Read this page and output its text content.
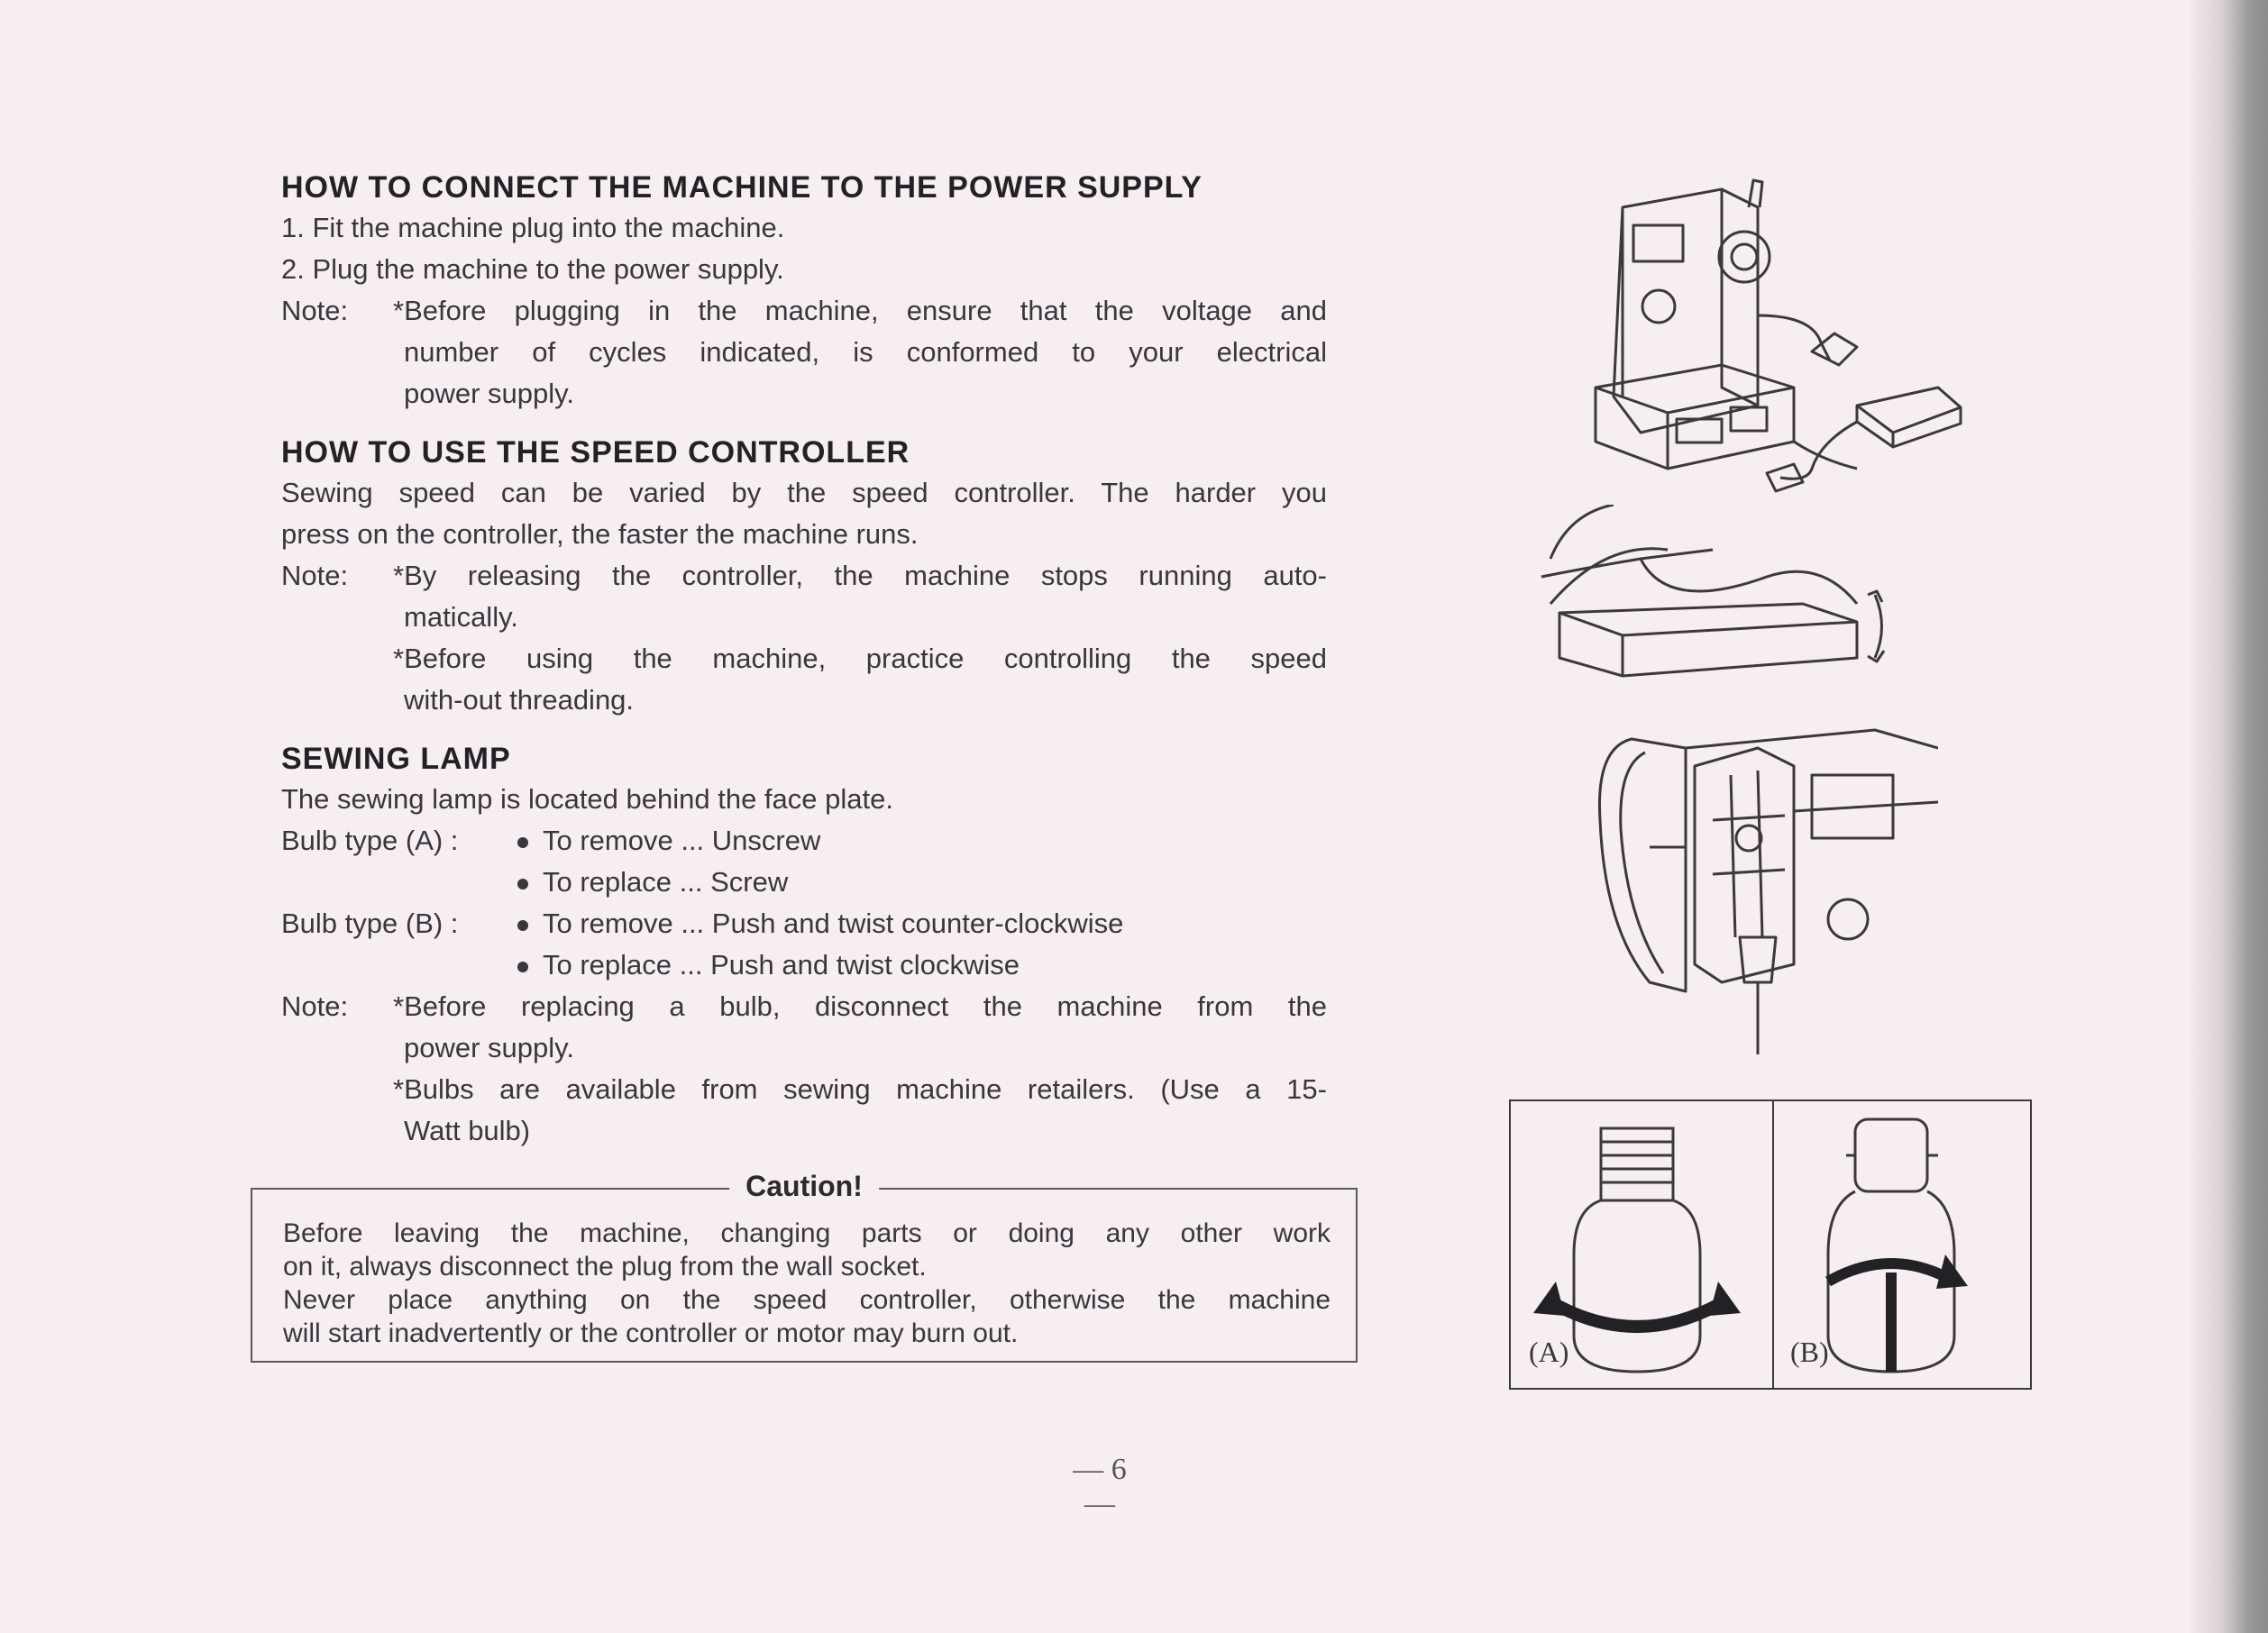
HOW TO CONNECT THE MACHINE TO THE POWER SUPPLY
1. Fit the machine plug into the machine.
2. Plug the machine to the power supply.
Note:	*Before plugging in the machine, ensure that the voltage and
number of cycles indicated, is conformed to your electrical
power supply.
HOW TO USE THE SPEED CONTROLLER
Sewing speed can be varied by the speed controller. The harder you
press on the controller, the faster the machine runs.
Note:	*By releasing the controller, the machine stops running auto-
matically.
*Before using the machine, practice controlling the speed
with-out threading.
SEWING LAMP
The sewing lamp is located behind the face plate.
Bulb type (A) :	To remove ... Unscrew
To replace ... Screw
Bulb type (B) :	To remove ... Push and twist counter-clockwise
To replace ... Push and twist clockwise
Note:	*Before replacing a bulb, disconnect the machine from the
power supply.
*Bulbs are available from sewing machine retailers. (Use a 15-
Watt bulb)
Caution!

Before leaving the machine, changing parts or doing any other work

on it, always disconnect the plug from the wall socket.

Never place anything on the speed controller, otherwise the machine

will start inadvertently or the controller or motor may burn out.

(A)	(B)
— 6 —
